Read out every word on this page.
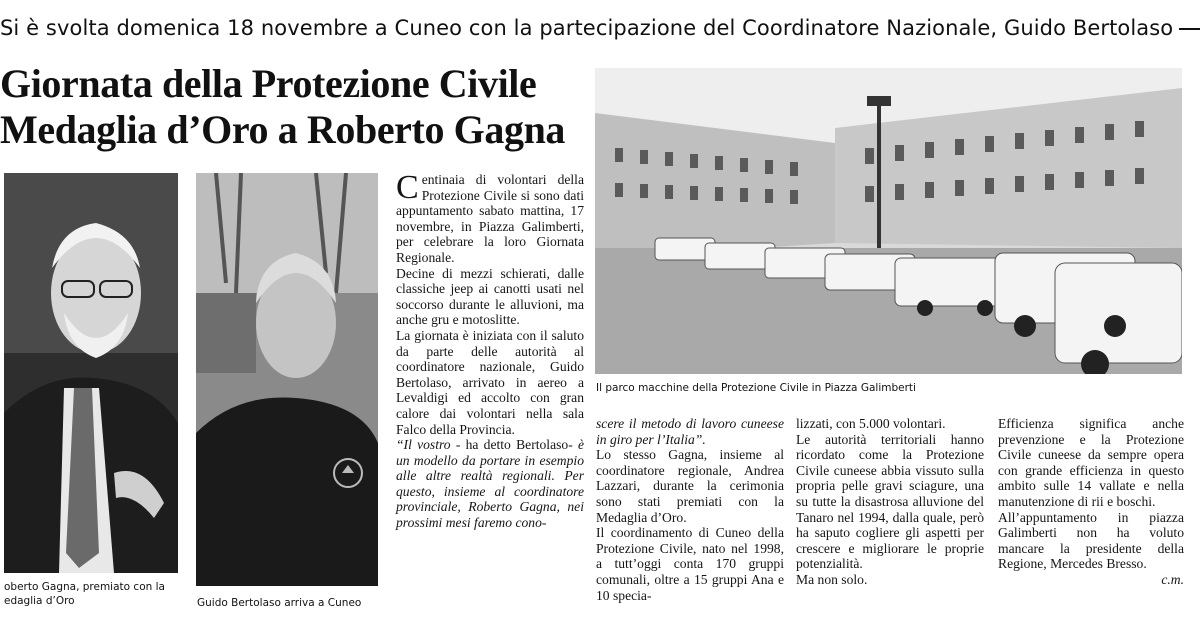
Si è svolta domenica 18 novembre a Cuneo con la partecipazione del Coordinatore Nazionale, Guido Bertolaso
Giornata della Protezione Civile
Medaglia d’Oro a Roberto Gagna
oberto Gagna, premiato con la
edaglia d’Oro	Guido Bertolaso arriva a Cuneo
Il parco macchine della Protezione Civile in Piazza Galimberti

Centinaia di volontari della Protezione Civile si sono dati appuntamento sabato mattina, 17 novembre, in Piazza Galimberti, per celebrare la loro Giornata Regionale.

Decine di mezzi schierati, dalle classiche jeep ai canotti usati nel soccorso durante le alluvioni, ma anche gru e motoslitte.

La giornata è iniziata con il saluto da parte delle autorità al coordinatore nazionale, Guido Bertolaso, arrivato in aereo a Levaldigi ed accolto con gran calore dai volontari nella sala Falco della Provincia.

“Il vostro - ha detto Bertolaso- è un modello da portare in esempio alle altre realtà regionali. Per questo, insieme al coordinatore provinciale, Roberto Gagna, nei prossimi mesi faremo cono-

scere il metodo di lavoro cuneese in giro per l’Italia”.

Lo stesso Gagna, insieme al coordinatore regionale, Andrea Lazzari, durante la cerimonia sono stati premiati con la Medaglia d’Oro.

Il coordinamento di Cuneo della Protezione Civile, nato nel 1998, a tutt’oggi conta 170 gruppi comunali, oltre a 15 gruppi Ana e 10 specia-

lizzati, con 5.000 volontari.

Le autorità territoriali hanno ricordato come la Protezione Civile cuneese abbia vissuto sulla propria pelle gravi sciagure, una su tutte la disastrosa alluvione del Tanaro nel 1994, dalla quale, però ha saputo cogliere gli aspetti per crescere e migliorare le proprie potenzialità.

Ma non solo.

Efficienza significa anche prevenzione e la Protezione Civile cuneese da sempre opera con grande efficienza in questo ambito sulle 14 vallate e nella manutenzione di rii e boschi.

All’appuntamento in piazza Galimberti non ha voluto mancare la presidente della Regione, Mercedes Bresso.

c.m.
